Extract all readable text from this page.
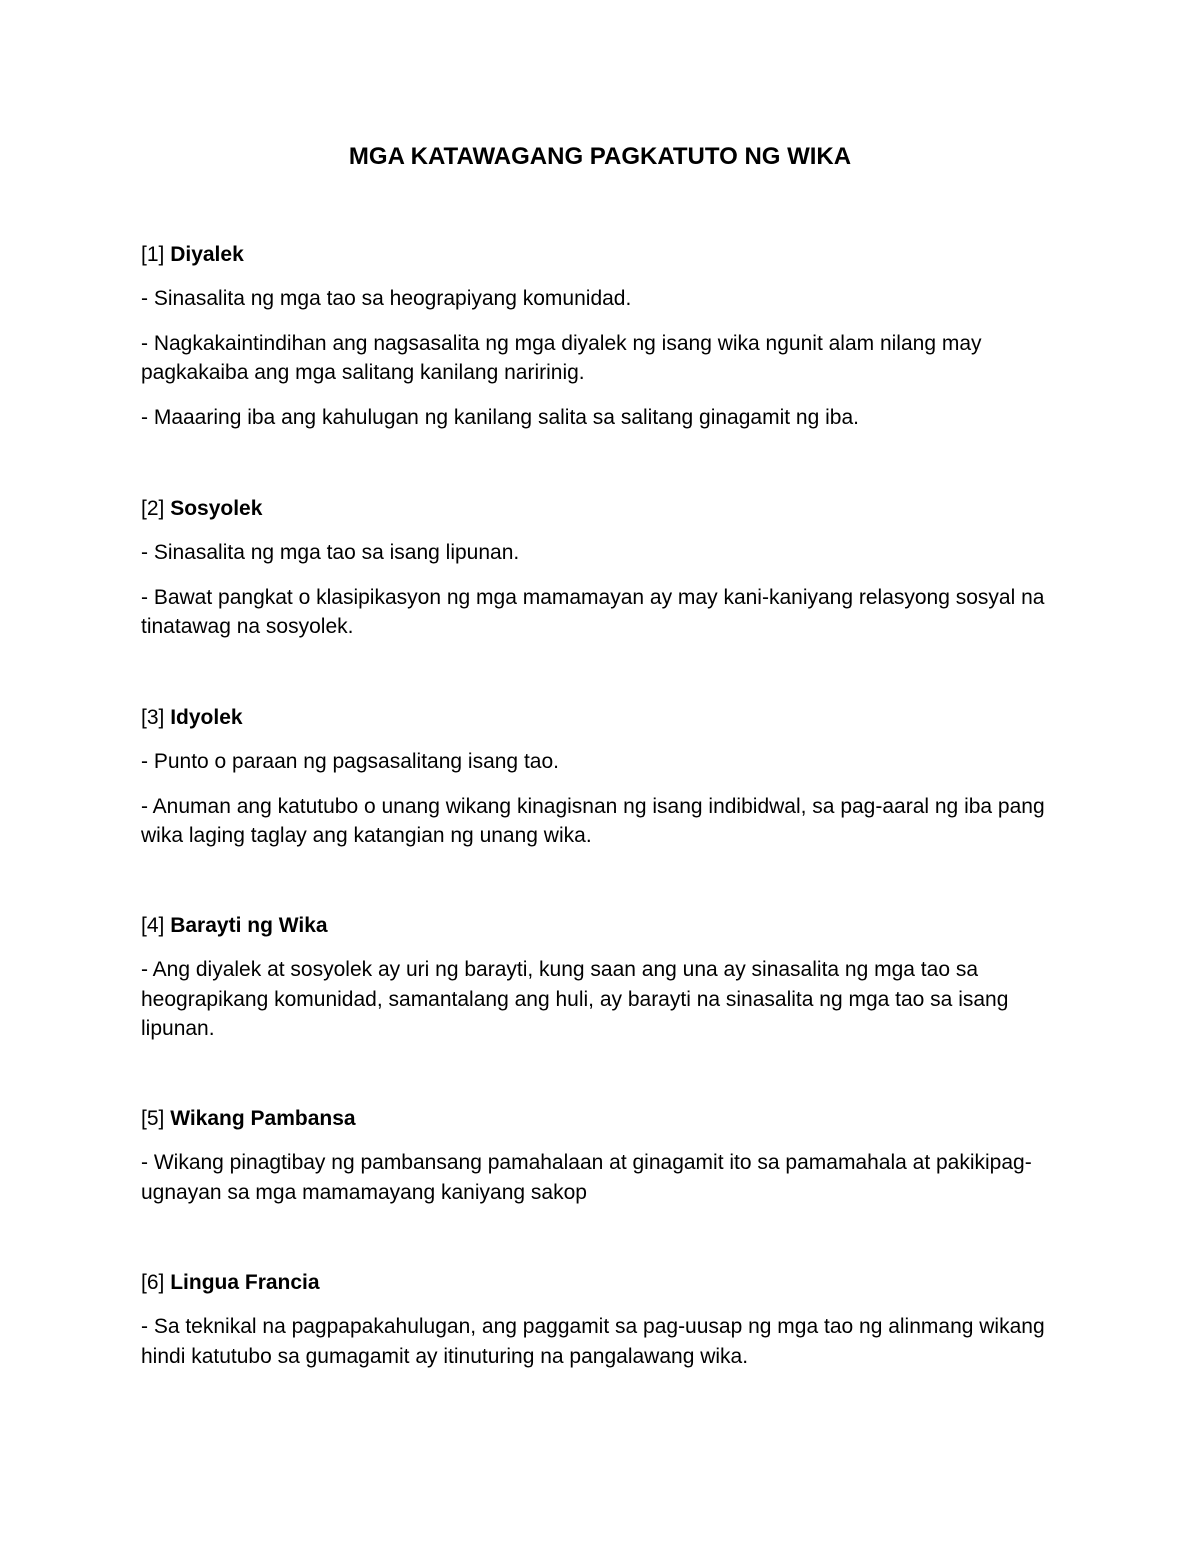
MGA KATAWAGANG PAGKATUTO NG WIKA

[1] Diyalek

- Sinasalita ng mga tao sa heograpiyang komunidad.

- Nagkakaintindihan ang nagsasalita ng mga diyalek ng isang wika ngunit alam nilang may pagkakaiba ang mga salitang kanilang naririnig.

- Maaaring iba ang kahulugan ng kanilang salita sa salitang ginagamit ng iba.

[2] Sosyolek

- Sinasalita ng mga tao sa isang lipunan.

- Bawat pangkat o klasipikasyon ng mga mamamayan ay may kani-kaniyang relasyong sosyal na tinatawag na sosyolek.

[3] Idyolek

- Punto o paraan ng pagsasalitang isang tao.

- Anuman ang katutubo o unang wikang kinagisnan ng isang indibidwal, sa pag-aaral ng iba pang wika laging taglay ang katangian ng unang wika.

[4] Barayti ng Wika

- Ang diyalek at sosyolek ay uri ng barayti, kung saan ang una ay sinasalita ng mga tao sa heograpikang komunidad, samantalang ang huli, ay barayti na sinasalita ng mga tao sa isang lipunan.

[5] Wikang Pambansa

- Wikang pinagtibay ng pambansang pamahalaan at ginagamit ito sa pamamahala at pakikipag-ugnayan sa mga mamamayang kaniyang sakop

[6] Lingua Francia

- Sa teknikal na pagpapakahulugan, ang paggamit sa pag-uusap ng mga tao ng alinmang wikang hindi katutubo sa gumagamit ay itinuturing na pangalawang wika.
